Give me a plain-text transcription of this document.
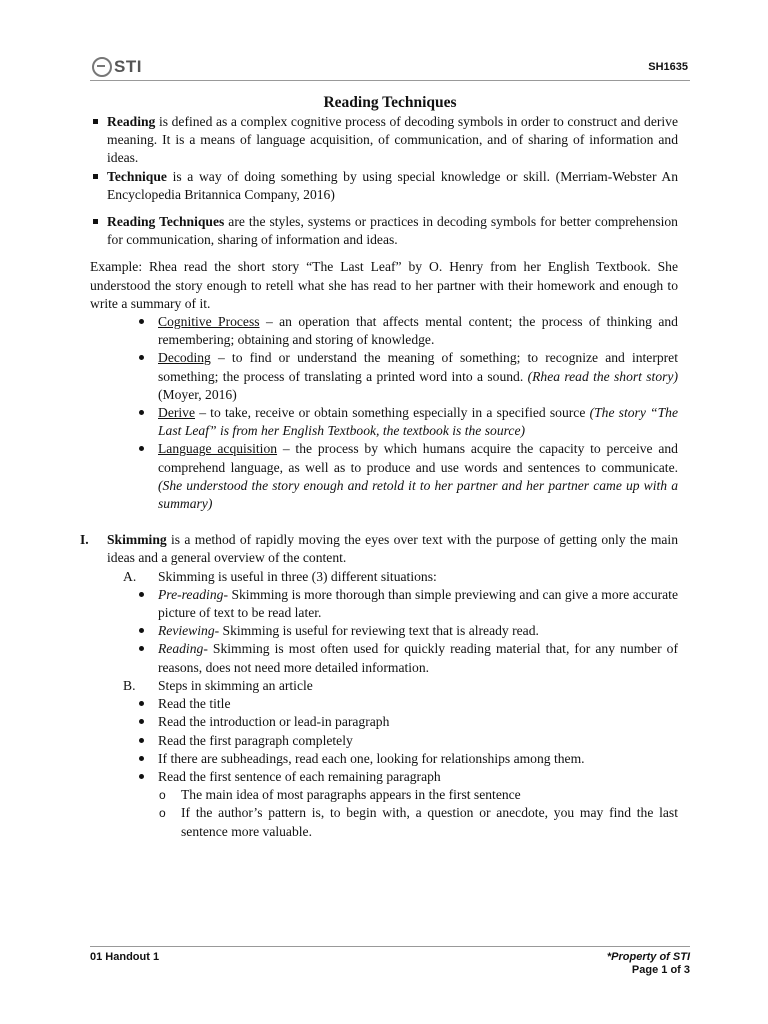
STI	SH1635
Reading Techniques

Reading is defined as a complex cognitive process of decoding symbols in order to construct and derive meaning. It is a means of language acquisition, of communication, and of sharing of information and ideas.

Technique is a way of doing something by using special knowledge or skill. (Merriam-Webster An Encyclopedia Britannica Company, 2016)

Reading Techniques are the styles, systems or practices in decoding symbols for better comprehension for communication, sharing of information and ideas.

Example: Rhea read the short story “The Last Leaf” by O. Henry from her English Textbook. She understood the story enough to retell what she has read to her partner with their homework and enough to write a summary of it.

Cognitive Process – an operation that affects mental content; the process of thinking and remembering; obtaining and storing of knowledge.

Decoding – to find or understand the meaning of something; to recognize and interpret something; the process of translating a printed word into a sound. (Rhea read the short story) (Moyer, 2016)

Derive – to take, receive or obtain something especially in a specified source (The story “The Last Leaf” is from her English Textbook, the textbook is the source)

Language acquisition – the process by which humans acquire the capacity to perceive and comprehend language, as well as to produce and use words and sentences to communicate. (She understood the story enough and retold it to her partner and her partner came up with a summary)

I. Skimming is a method of rapidly moving the eyes over text with the purpose of getting only the main ideas and a general overview of the content.

A. Skimming is useful in three (3) different situations:

Pre-reading- Skimming is more thorough than simple previewing and can give a more accurate picture of text to be read later.

Reviewing- Skimming is useful for reviewing text that is already read.

Reading- Skimming is most often used for quickly reading material that, for any number of reasons, does not need more detailed information.

B. Steps in skimming an article

Read the title

Read the introduction or lead-in paragraph

Read the first paragraph completely

If there are subheadings, read each one, looking for relationships among them.

Read the first sentence of each remaining paragraph

o The main idea of most paragraphs appears in the first sentence

o If the author’s pattern is, to begin with, a question or anecdote, you may find the last sentence more valuable.

01 Handout 1	*Property of STI
Page 1 of 3
